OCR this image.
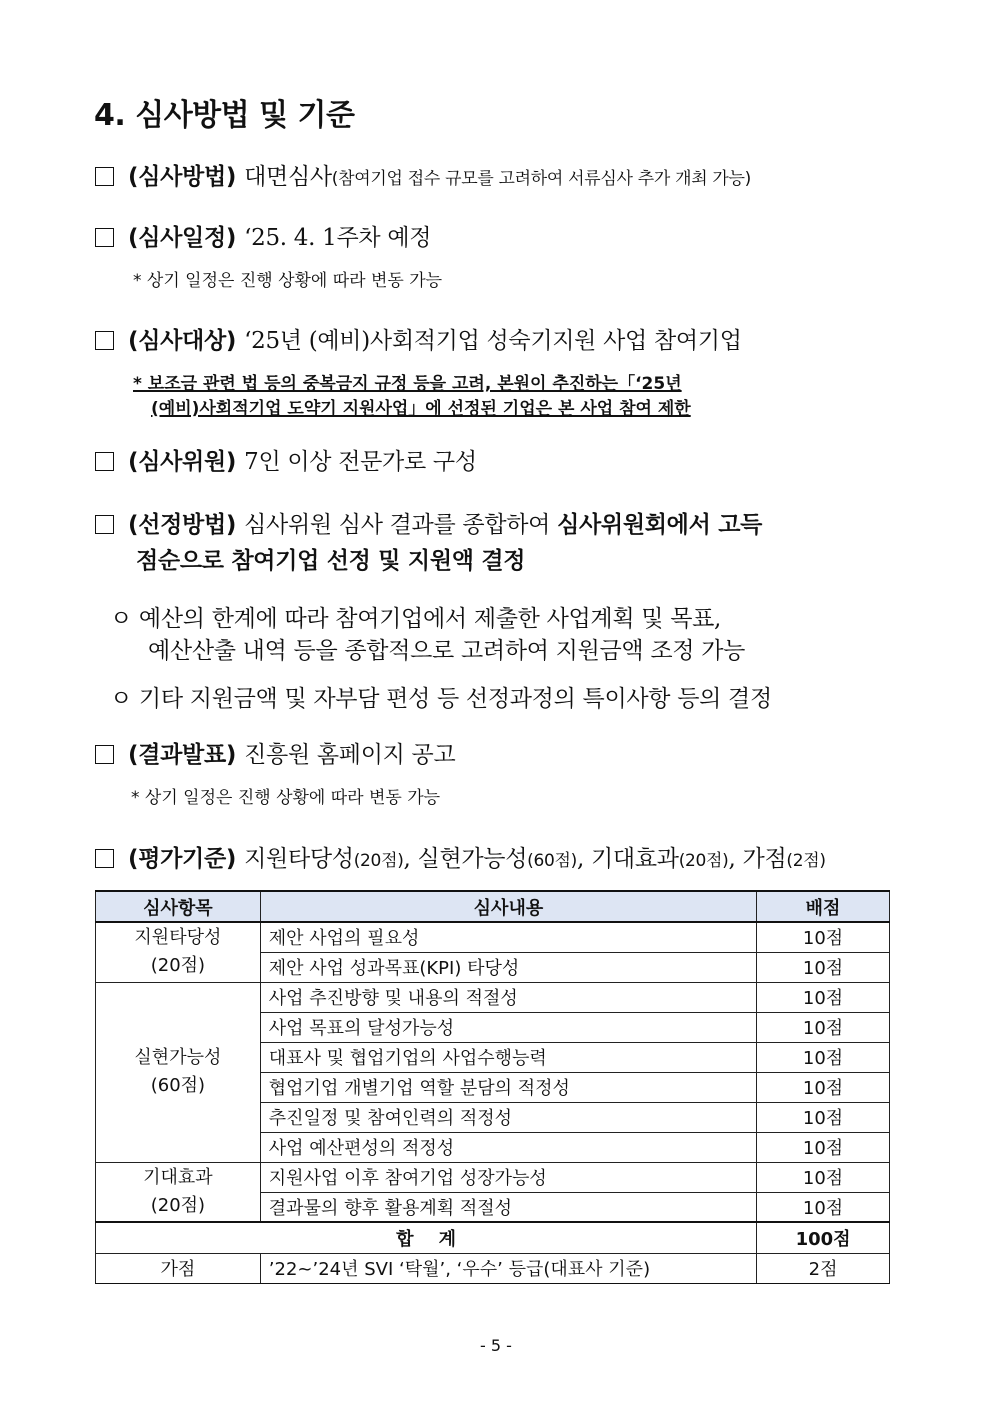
4. 심사방법 및 기준
(심사방법) 대면심사(참여기업 접수 규모를 고려하여 서류심사 추가 개최 가능)
(심사일정) ‘25. 4. 1주차 예정
* 상기 일정은 진행 상황에 따라 변동 가능
(심사대상) ‘25년 (예비)사회적기업 성숙기지원 사업 참여기업
* 보조금 관련 법 등의 중복금지 규정 등을 고려, 본원이 추진하는「‘25년
(예비)사회적기업 도약기 지원사업」에 선정된 기업은 본 사업 참여 제한
(심사위원) 7인 이상 전문가로 구성
(선정방법) 심사위원 심사 결과를 종합하여 심사위원회에서 고득
점순으로 참여기업 선정 및 지원액 결정
ㅇ 예산의 한계에 따라 참여기업에서 제출한 사업계획 및 목표,
예산산출 내역 등을 종합적으로 고려하여 지원금액 조정 가능
ㅇ 기타 지원금액 및 자부담 편성 등 선정과정의 특이사항 등의 결정
(결과발표) 진흥원 홈페이지 공고
* 상기 일정은 진행 상황에 따라 변동 가능
(평가기준) 지원타당성(20점), 실현가능성(60점), 기대효과(20점), 가점(2점)
심사항목	심사내용	배점
지원타당성
(20점)	제안 사업의 필요성	10점
	제안 사업 성과목표(KPI) 타당성	10점
실현가능성
(60점)	사업 추진방향 및 내용의 적절성	10점
	사업 목표의 달성가능성	10점
	대표사 및 협업기업의 사업수행능력	10점
	협업기업 개별기업 역할 분담의 적정성	10점
	추진일정 및 참여인력의 적정성	10점
	사업 예산편성의 적정성	10점
기대효과
(20점)	지원사업 이후 참여기업 성장가능성	10점
	결과물의 향후 활용계획 적절성	10점
합    계		100점
가점	’22~’24년 SVI ‘탁월’, ‘우수’ 등급(대표사 기준)	2점
- 5 -
